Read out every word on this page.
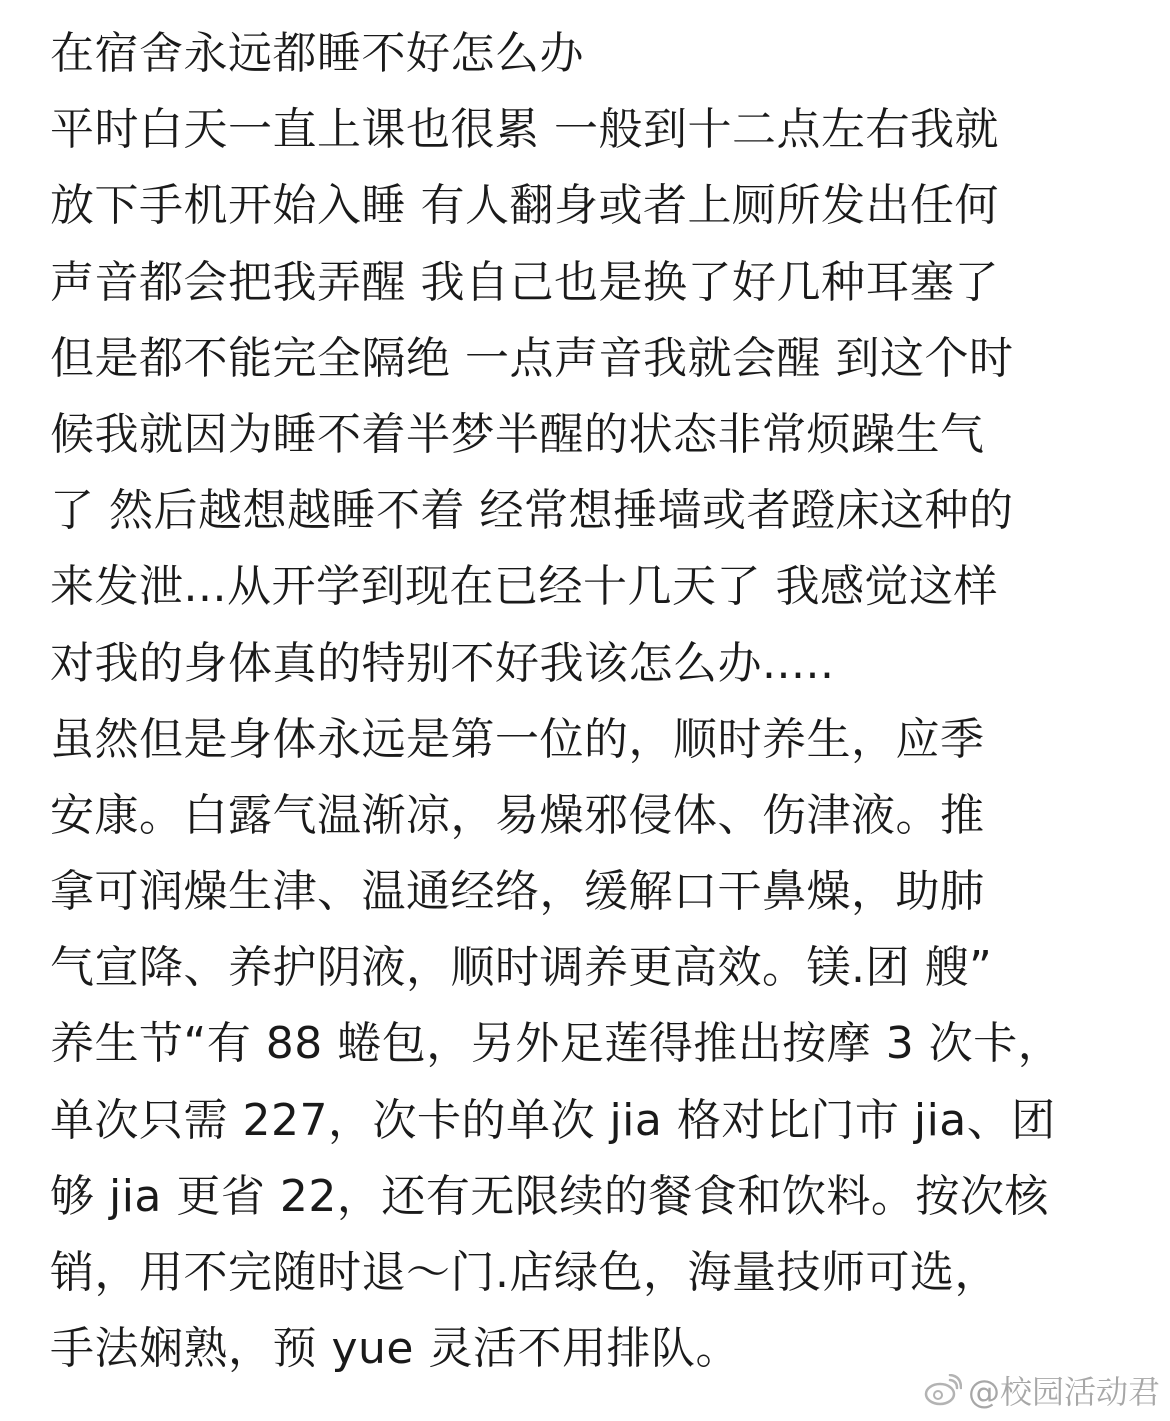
在宿舍永远都睡不好怎么办
平时白天一直上课也很累 一般到十二点左右我就
放下手机开始入睡 有人翻身或者上厕所发出任何
声音都会把我弄醒 我自己也是换了好几种耳塞了
但是都不能完全隔绝 一点声音我就会醒 到这个时
候我就因为睡不着半梦半醒的状态非常烦躁生气
了 然后越想越睡不着 经常想捶墙或者蹬床这种的
来发泄...从开学到现在已经十几天了 我感觉这样
对我的身体真的特别不好我该怎么办.....
虽然但是身体永远是第一位的，顺时养生，应季
安康。白露气温渐凉，易燥邪侵体、伤津液。推
拿可润燥生津、温通经络，缓解口干鼻燥，助肺
气宣降、养护阴液，顺时调养更高效。镁.团 艘”
养生节“有 88 蜷包，另外足莲得推出按摩 3 次卡，
单次只需 227，次卡的单次 jia 格对比门市 jia、团
够 jia 更省 22，还有无限续的餐食和饮料。按次核
销，用不完随时退～门.店绿色，海量技师可选，
手法娴熟，预 yue 灵活不用排队。
@校园活动君
